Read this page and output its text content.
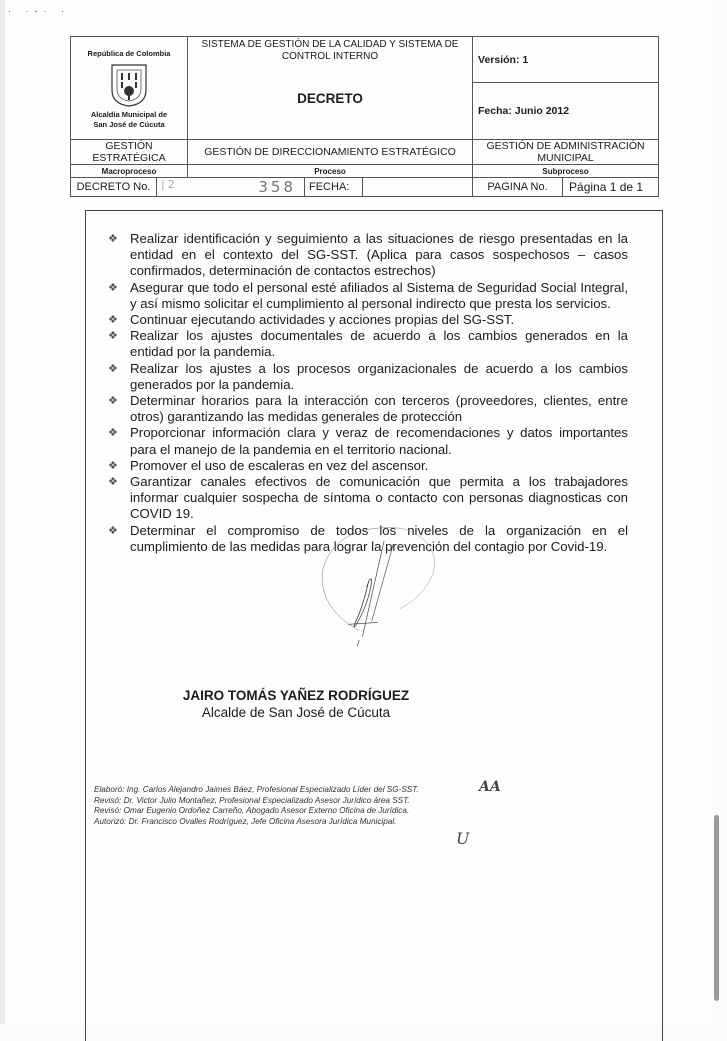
· ·-· ·
República de Colombia
Alcaldía Municipal de
San José de Cúcuta
	SISTEMA DE GESTIÓN DE LA CALIDAD Y SISTEMA DE CONTROL INTERNO
DECRETO
	Versión: 1
					Fecha: Junio 2012	
GESTIÓN ESTRATÉGICA		GESTIÓN DE DIRECCIONAMIENTO ESTRATÉGICO			GESTIÓN DE ADMINISTRACIÓN MUNICIPAL	
Macroproceso		Proceso			Subproceso	
DECRETO No.	|2 358		FECHA:		PAGINA No.	Página 1 de 1
❖ Realizar identificación y seguimiento a las situaciones de riesgo presentadas en la entidad en el contexto del SG-SST. (Aplica para casos sospechosos – casos confirmados, determinación de contactos estrechos)
❖ Asegurar que todo el personal esté afiliados al Sistema de Seguridad Social Integral, y así mismo solicitar el cumplimiento al personal indirecto que presta los servicios.
❖ Continuar ejecutando actividades y acciones propias del SG-SST.
❖ Realizar los ajustes documentales de acuerdo a los cambios generados en la entidad por la pandemia.
❖ Realizar los ajustes a los procesos organizacionales de acuerdo a los cambios generados por la pandemia.
❖ Determinar horarios para la interacción con terceros (proveedores, clientes, entre otros) garantizando las medidas generales de protección
❖ Proporcionar información clara y veraz de recomendaciones y datos importantes para el manejo de la pandemia en el territorio nacional.
❖ Promover el uso de escaleras en vez del ascensor.
❖ Garantizar canales efectivos de comunicación que permita a los trabajadores informar cualquier sospecha de síntoma o contacto con personas diagnosticas con COVID 19.
❖ Determinar el compromiso de todos los niveles de la organización en el cumplimiento de las medidas para lograr la prevención del contagio por Covid-19.
JAIRO TOMÁS YAÑEZ RODRÍGUEZ
Alcalde de San José de Cúcuta
Elaboró: Ing. Carlos Alejandro Jaimes Báez, Profesional Especializado Líder del SG-SST.
Revisó: Dr. Victor Julio Montañez, Profesional Especializado Asesor Jurídico área SST.
Revisó: Omar Eugenio Ordoñez Carreño, Abogado Asesor Externo Oficina de Jurídica.
Autorizó: Dr. Francisco Ovalles Rodríguez, Jefe Oficina Asesora Jurídica Municipal.
AA
U
